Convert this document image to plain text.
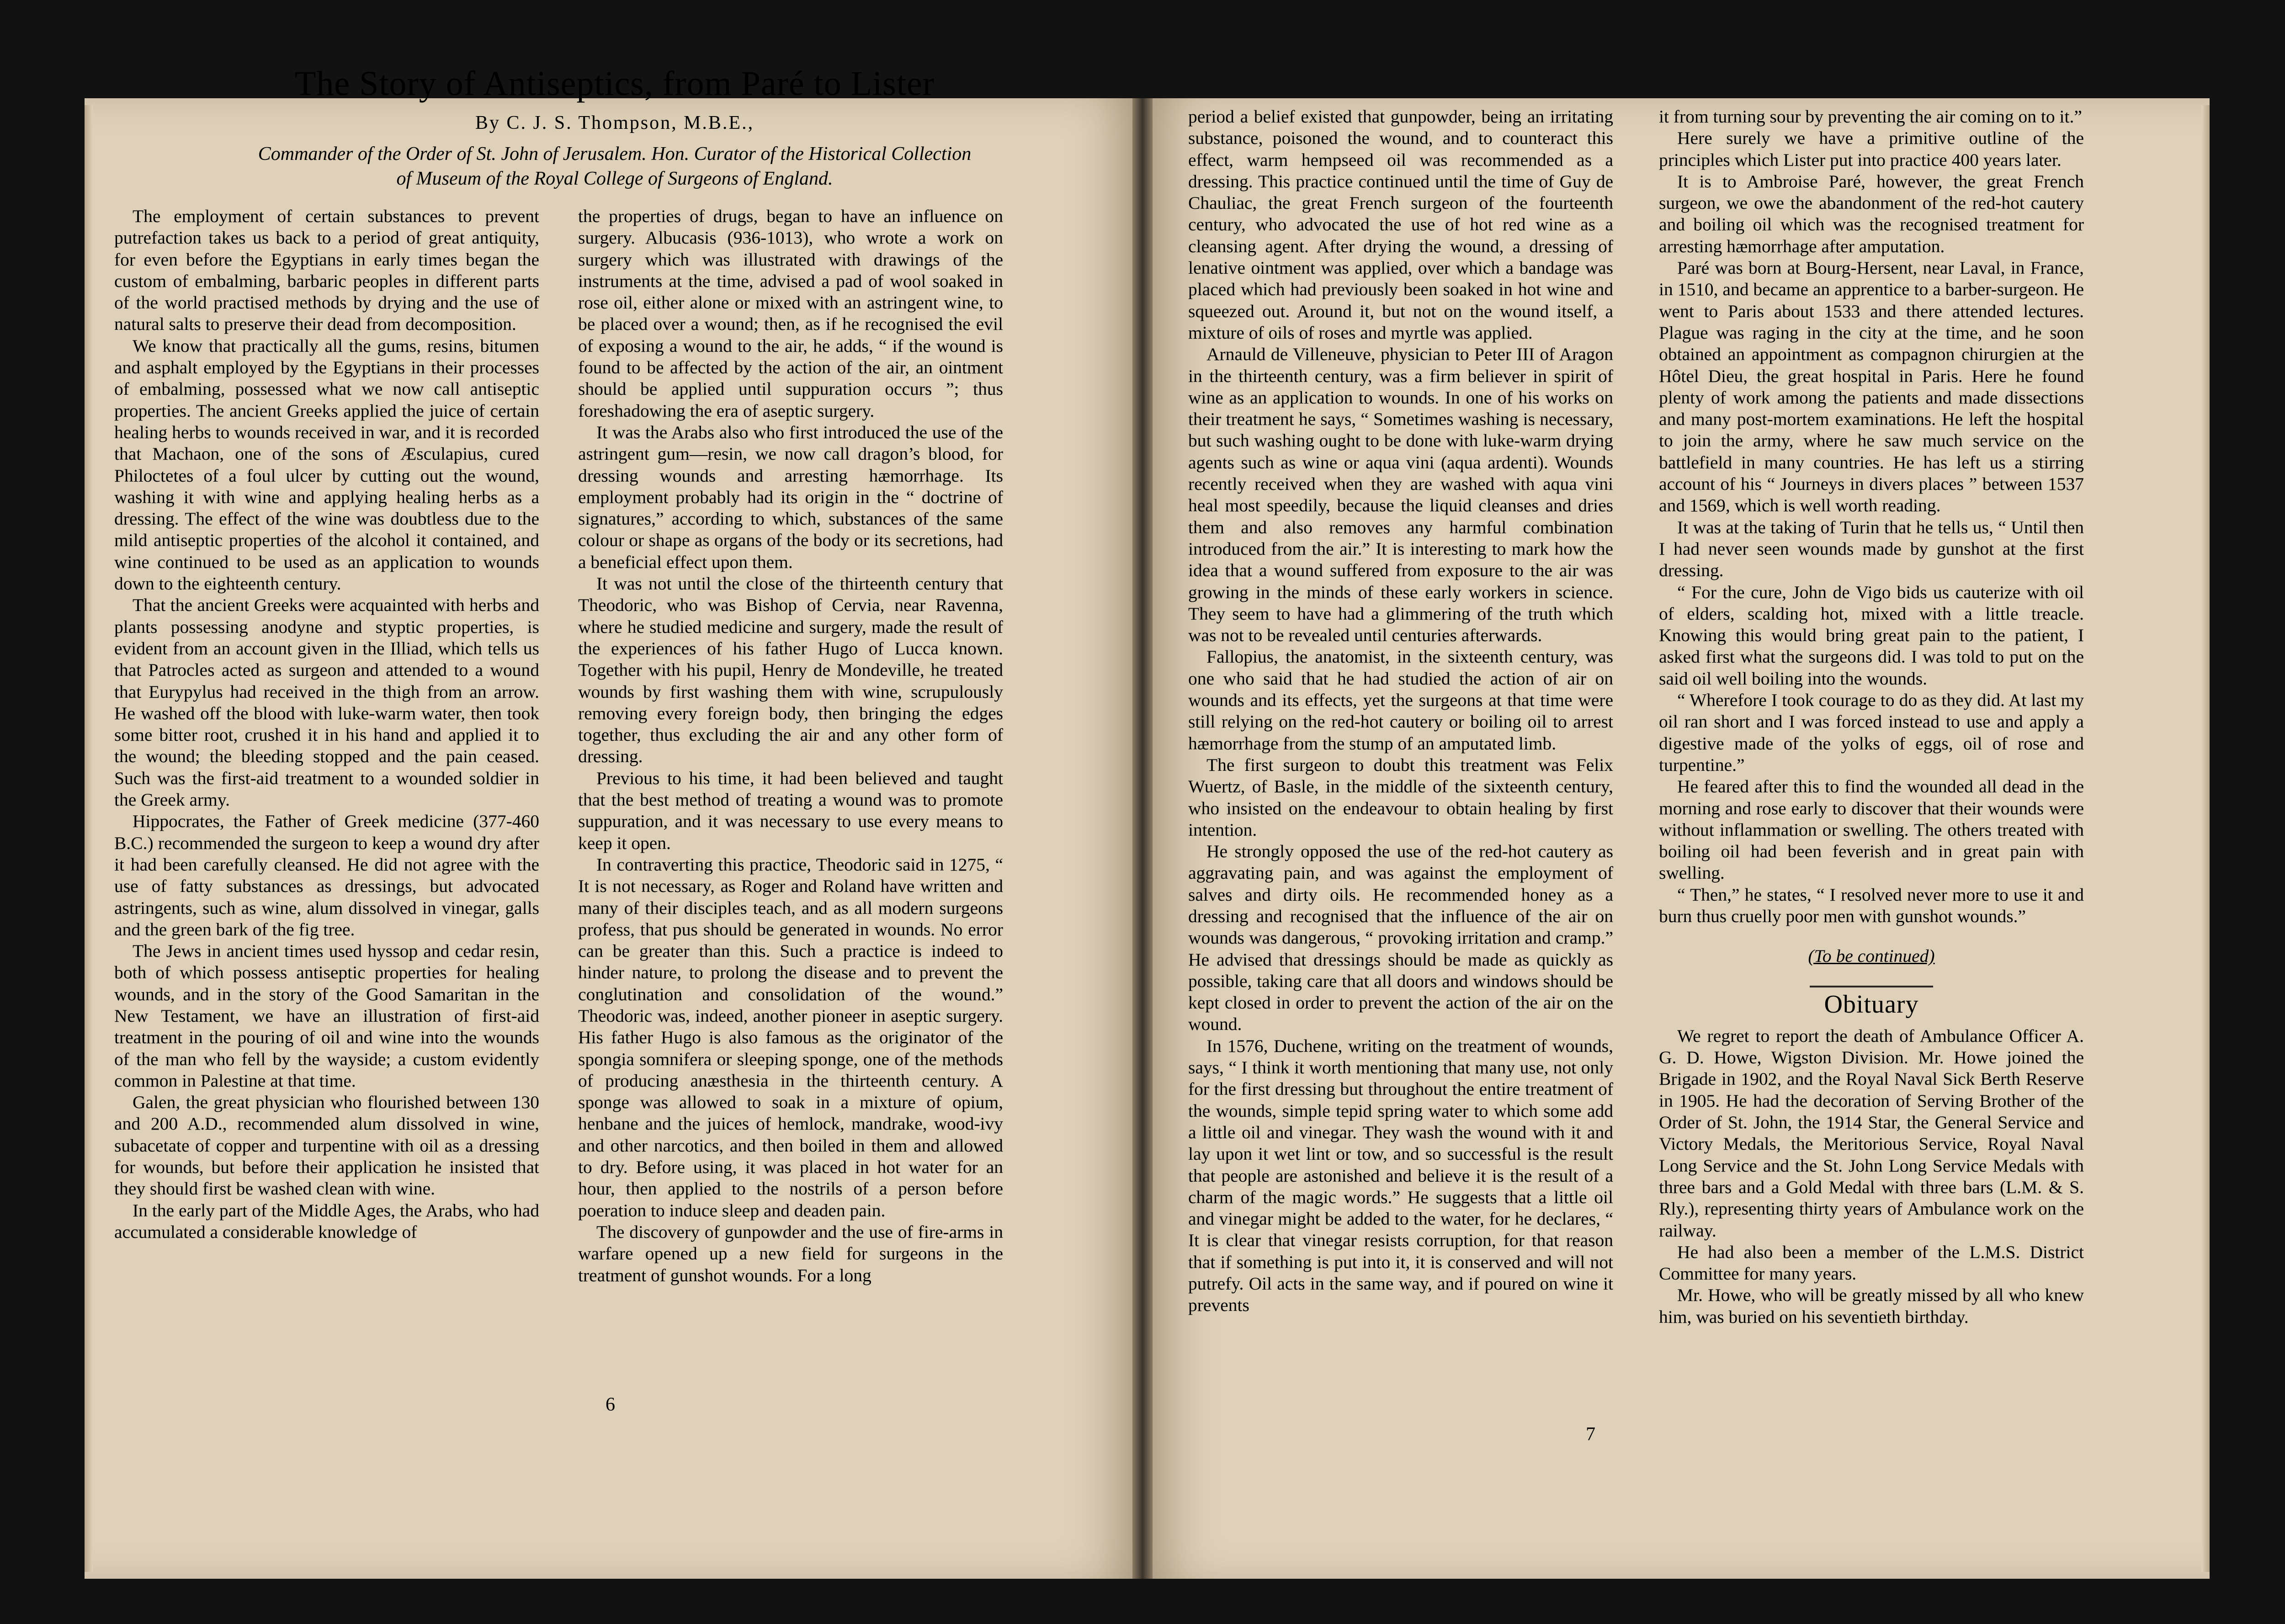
The Story of Antiseptics, from Paré to Lister
By C. J. S. Thompson, M.B.E.,
Commander of the Order of St. John of Jerusalem. Hon. Curator of the Historical Collection
of Museum of the Royal College of Surgeons of England.

The employment of certain substances to prevent putrefaction takes us back to a period of great antiquity, for even before the Egyptians in early times began the custom of embalming, barbaric peoples in different parts of the world practised methods by drying and the use of natural salts to preserve their dead from decomposition.

We know that practically all the gums, resins, bitumen and asphalt employed by the Egyptians in their processes of embalming, possessed what we now call antiseptic properties. The ancient Greeks applied the juice of certain healing herbs to wounds received in war, and it is recorded that Machaon, one of the sons of Æsculapius, cured Philoctetes of a foul ulcer by cutting out the wound, washing it with wine and applying healing herbs as a dressing. The effect of the wine was doubtless due to the mild antiseptic properties of the alcohol it contained, and wine continued to be used as an application to wounds down to the eighteenth century.

That the ancient Greeks were acquainted with herbs and plants possessing anodyne and styptic properties, is evident from an account given in the Illiad, which tells us that Patrocles acted as surgeon and attended to a wound that Eurypylus had received in the thigh from an arrow. He washed off the blood with luke-warm water, then took some bitter root, crushed it in his hand and applied it to the wound; the bleeding stopped and the pain ceased. Such was the first-aid treatment to a wounded soldier in the Greek army.

Hippocrates, the Father of Greek medicine (377-460 B.C.) recommended the surgeon to keep a wound dry after it had been carefully cleansed. He did not agree with the use of fatty substances as dressings, but advocated astringents, such as wine, alum dissolved in vinegar, galls and the green bark of the fig tree.

The Jews in ancient times used hyssop and cedar resin, both of which possess antiseptic properties for healing wounds, and in the story of the Good Samaritan in the New Testament, we have an illustration of first-aid treatment in the pouring of oil and wine into the wounds of the man who fell by the wayside; a custom evidently common in Palestine at that time.

Galen, the great physician who flourished between 130 and 200 A.D., recommended alum dissolved in wine, subacetate of copper and turpentine with oil as a dressing for wounds, but before their application he insisted that they should first be washed clean with wine.

In the early part of the Middle Ages, the Arabs, who had accumulated a considerable knowledge of

the properties of drugs, began to have an influence on surgery. Albucasis (936-1013), who wrote a work on surgery which was illustrated with drawings of the instruments at the time, advised a pad of wool soaked in rose oil, either alone or mixed with an astringent wine, to be placed over a wound; then, as if he recognised the evil of exposing a wound to the air, he adds, “ if the wound is found to be affected by the action of the air, an ointment should be applied until suppuration occurs ”; thus foreshadowing the era of aseptic surgery.

It was the Arabs also who first introduced the use of the astringent gum—resin, we now call dragon’s blood, for dressing wounds and arresting hæmorrhage. Its employment probably had its origin in the “ doctrine of signatures,” according to which, substances of the same colour or shape as organs of the body or its secretions, had a beneficial effect upon them.

It was not until the close of the thirteenth century that Theodoric, who was Bishop of Cervia, near Ravenna, where he studied medicine and surgery, made the result of the experiences of his father Hugo of Lucca known. Together with his pupil, Henry de Mondeville, he treated wounds by first washing them with wine, scrupulously removing every foreign body, then bringing the edges together, thus excluding the air and any other form of dressing.

Previous to his time, it had been believed and taught that the best method of treating a wound was to promote suppuration, and it was necessary to use every means to keep it open.

In contraverting this practice, Theodoric said in 1275, “ It is not necessary, as Roger and Roland have written and many of their disciples teach, and as all modern surgeons profess, that pus should be generated in wounds. No error can be greater than this. Such a practice is indeed to hinder nature, to prolong the disease and to prevent the conglutination and consolidation of the wound.” Theodoric was, indeed, another pioneer in aseptic surgery. His father Hugo is also famous as the originator of the spongia somnifera or sleeping sponge, one of the methods of producing anæsthesia in the thirteenth century. A sponge was allowed to soak in a mixture of opium, henbane and the juices of hemlock, mandrake, wood-ivy and other narcotics, and then boiled in them and allowed to dry. Before using, it was placed in hot water for an hour, then applied to the nostrils of a person before poeration to induce sleep and deaden pain.

The discovery of gunpowder and the use of fire-arms in warfare opened up a new field for surgeons in the treatment of gunshot wounds. For a long

6

period a belief existed that gunpowder, being an irritating substance, poisoned the wound, and to counteract this effect, warm hempseed oil was recommended as a dressing. This practice continued until the time of Guy de Chauliac, the great French surgeon of the fourteenth century, who advocated the use of hot red wine as a cleansing agent. After drying the wound, a dressing of lenative ointment was applied, over which a bandage was placed which had previously been soaked in hot wine and squeezed out. Around it, but not on the wound itself, a mixture of oils of roses and myrtle was applied.

Arnauld de Villeneuve, physician to Peter III of Aragon in the thirteenth century, was a firm believer in spirit of wine as an application to wounds. In one of his works on their treatment he says, “ Sometimes washing is necessary, but such washing ought to be done with luke-warm drying agents such as wine or aqua vini (aqua ardenti). Wounds recently received when they are washed with aqua vini heal most speedily, because the liquid cleanses and dries them and also removes any harmful combination introduced from the air.” It is interesting to mark how the idea that a wound suffered from exposure to the air was growing in the minds of these early workers in science. They seem to have had a glimmering of the truth which was not to be revealed until centuries afterwards.

Fallopius, the anatomist, in the sixteenth century, was one who said that he had studied the action of air on wounds and its effects, yet the surgeons at that time were still relying on the red-hot cautery or boiling oil to arrest hæmorrhage from the stump of an amputated limb.

The first surgeon to doubt this treatment was Felix Wuertz, of Basle, in the middle of the sixteenth century, who insisted on the endeavour to obtain healing by first intention.

He strongly opposed the use of the red-hot cautery as aggravating pain, and was against the employment of salves and dirty oils. He recommended honey as a dressing and recognised that the influence of the air on wounds was dangerous, “ provoking irritation and cramp.” He advised that dressings should be made as quickly as possible, taking care that all doors and windows should be kept closed in order to prevent the action of the air on the wound.

In 1576, Duchene, writing on the treatment of wounds, says, “ I think it worth mentioning that many use, not only for the first dressing but throughout the entire treatment of the wounds, simple tepid spring water to which some add a little oil and vinegar. They wash the wound with it and lay upon it wet lint or tow, and so successful is the result that people are astonished and believe it is the result of a charm of the magic words.” He suggests that a little oil and vinegar might be added to the water, for he declares, “ It is clear that vinegar resists corruption, for that reason that if something is put into it, it is conserved and will not putrefy. Oil acts in the same way, and if poured on wine it prevents

it from turning sour by preventing the air coming on to it.”

Here surely we have a primitive outline of the principles which Lister put into practice 400 years later.

It is to Ambroise Paré, however, the great French surgeon, we owe the abandonment of the red-hot cautery and boiling oil which was the recognised treatment for arresting hæmorrhage after amputation.

Paré was born at Bourg-Hersent, near Laval, in France, in 1510, and became an apprentice to a barber-surgeon. He went to Paris about 1533 and there attended lectures. Plague was raging in the city at the time, and he soon obtained an appointment as compagnon chirurgien at the Hôtel Dieu, the great hospital in Paris. Here he found plenty of work among the patients and made dissections and many post-mortem examinations. He left the hospital to join the army, where he saw much service on the battlefield in many countries. He has left us a stirring account of his “ Journeys in divers places ” between 1537 and 1569, which is well worth reading.

It was at the taking of Turin that he tells us, “ Until then I had never seen wounds made by gunshot at the first dressing.

“ For the cure, John de Vigo bids us cauterize with oil of elders, scalding hot, mixed with a little treacle. Knowing this would bring great pain to the patient, I asked first what the surgeons did. I was told to put on the said oil well boiling into the wounds.

“ Wherefore I took courage to do as they did. At last my oil ran short and I was forced instead to use and apply a digestive made of the yolks of eggs, oil of rose and turpentine.”

He feared after this to find the wounded all dead in the morning and rose early to discover that their wounds were without inflammation or swelling. The others treated with boiling oil had been feverish and in great pain with swelling.

“ Then,” he states, “ I resolved never more to use it and burn thus cruelly poor men with gunshot wounds.”

(To be continued)
Obituary

We regret to report the death of Ambulance Officer A. G. D. Howe, Wigston Division. Mr. Howe joined the Brigade in 1902, and the Royal Naval Sick Berth Reserve in 1905. He had the decoration of Serving Brother of the Order of St. John, the 1914 Star, the General Service and Victory Medals, the Meritorious Service, Royal Naval Long Service and the St. John Long Service Medals with three bars and a Gold Medal with three bars (L.M. & S. Rly.), representing thirty years of Ambulance work on the railway.

He had also been a member of the L.M.S. District Committee for many years.

Mr. Howe, who will be greatly missed by all who knew him, was buried on his seventieth birthday.

7
